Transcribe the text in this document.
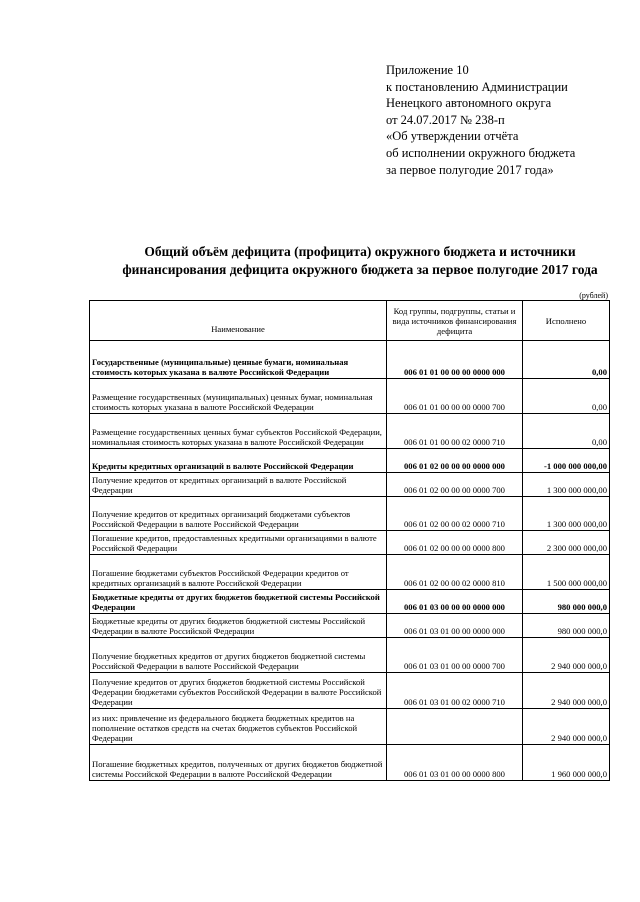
Приложение 10
к постановлению Администрации
Ненецкого автономного округа
от 24.07.2017 № 238-п
«Об утверждении отчёта
об исполнении окружного бюджета
за первое полугодие 2017 года»
Общий объём дефицита (профицита) окружного бюджета и источники
финансирования дефицита окружного бюджета за первое полугодие 2017 года
(рублей)
Наименование	Код группы, подгруппы, статьи и вида источников финансирования дефицита	Исполнено
Государственные (муниципальные) ценные бумаги, номинальная стоимость которых указана в валюте Российской Федерации	006 01 01 00 00 00 0000 000	0,00
Размещение государственных (муниципальных) ценных бумаг, номинальная стоимость которых указана в валюте Российской Федерации	006 01 01 00 00 00 0000 700	0,00
Размещение государственных ценных бумаг субъектов Российской Федерации, номинальная стоимость которых указана в валюте Российской Федерации	006 01 01 00 00 02 0000 710	0,00
Кредиты кредитных организаций в валюте Российской Федерации	006 01 02 00 00 00 0000 000	-1 000 000 000,00
Получение кредитов от кредитных организаций в валюте Российской Федерации	006 01 02 00 00 00 0000 700	1 300 000 000,00
Получение кредитов от кредитных организаций бюджетами субъектов Российской Федерации в валюте Российской Федерации	006 01 02 00 00 02 0000 710	1 300 000 000,00
Погашение кредитов, предоставленных кредитными организациями в валюте Российской Федерации	006 01 02 00 00 00 0000 800	2 300 000 000,00
Погашение бюджетами субъектов Российской Федерации кредитов от кредитных организаций в валюте Российской Федерации	006 01 02 00 00 02 0000 810	1 500 000 000,00
Бюджетные кредиты от других бюджетов бюджетной системы Российской Федерации	006 01 03 00 00 00 0000 000	980 000 000,0
Бюджетные кредиты от других бюджетов бюджетной системы Российской Федерации в валюте Российской Федерации	006 01 03 01 00 00 0000 000	980 000 000,0
Получение бюджетных кредитов от других бюджетов бюджетной системы Российской Федерации в валюте Российской Федерации	006 01 03 01 00 00 0000 700	2 940 000 000,0
Получение кредитов от других бюджетов бюджетной системы Российской Федерации бюджетами субъектов Российской Федерации в валюте Российской Федерации	006 01 03 01 00 02 0000 710	2 940 000 000,0
из них: привлечение из федерального бюджета бюджетных кредитов на пополнение остатков средств на счетах бюджетов субъектов Российской Федерации		2 940 000 000,0
Погашение бюджетных кредитов, полученных от других бюджетов бюджетной системы Российской Федерации в валюте Российской Федерации	006 01 03 01 00 00 0000 800	1 960 000 000,0
